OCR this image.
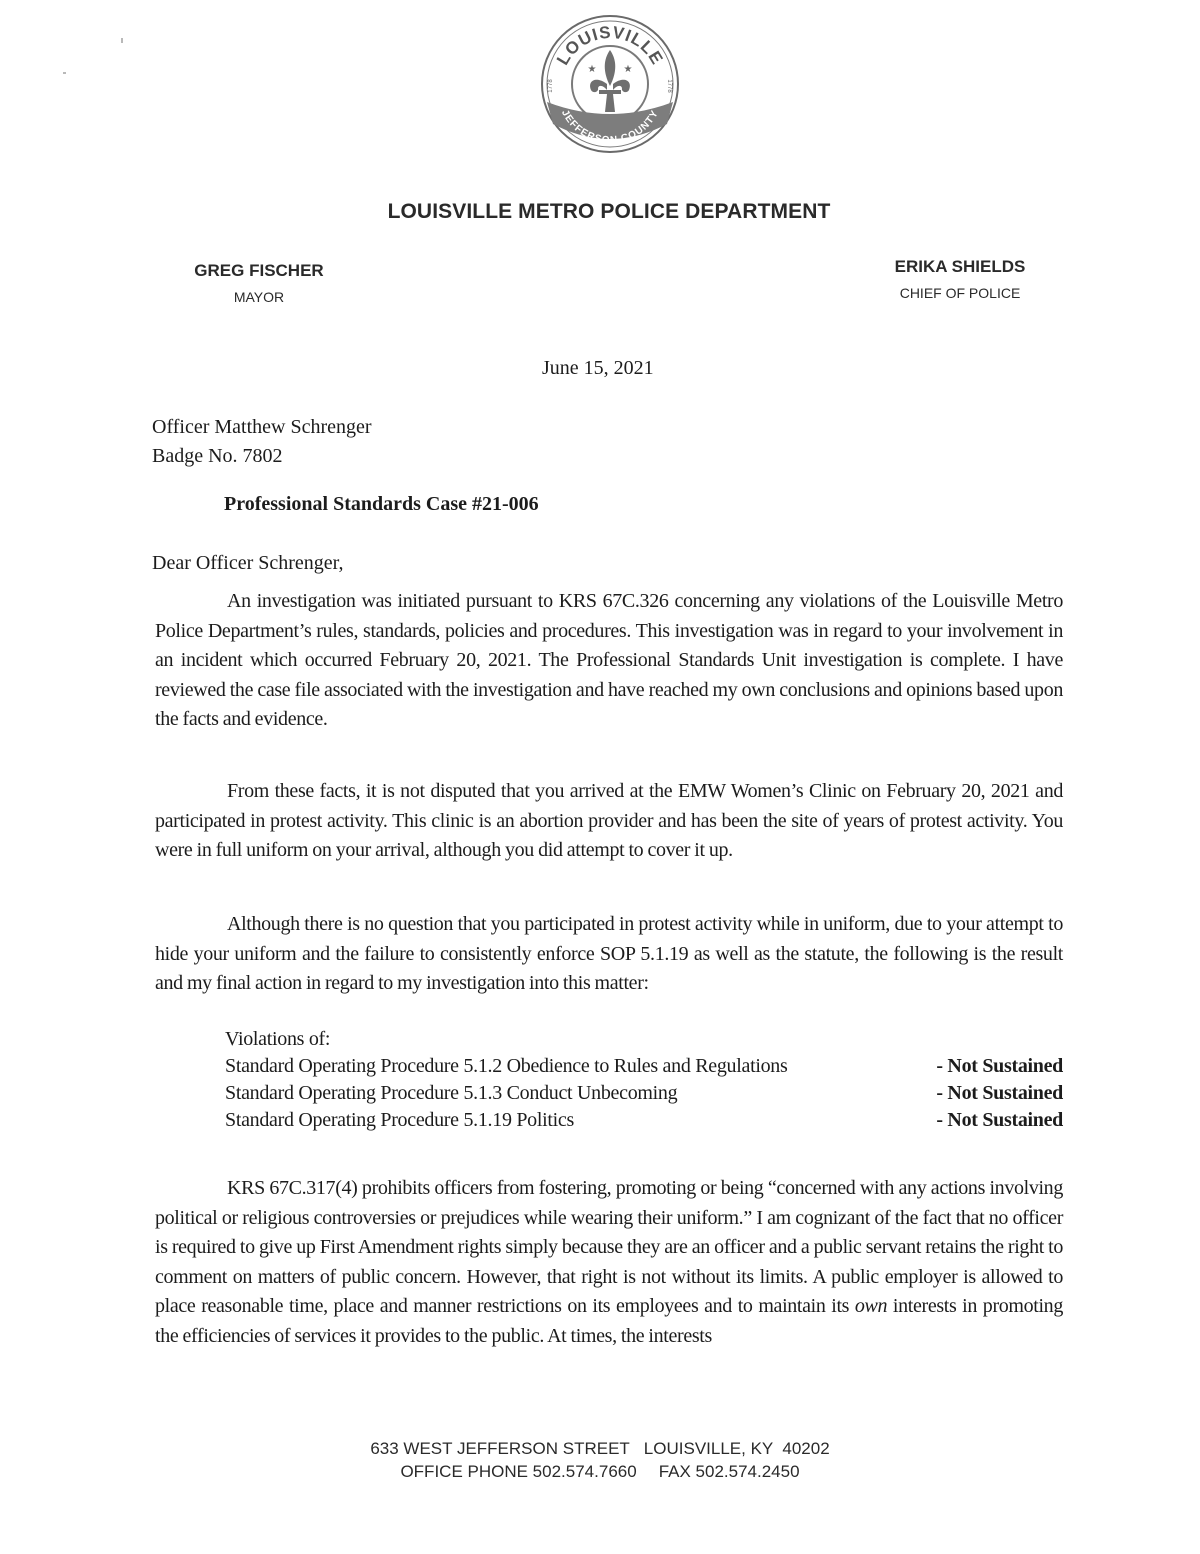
LOUISVILLE
JEFFERSON COUNTY
1778	1778
★	★
LOUISVILLE METRO POLICE DEPARTMENT
GREG FISCHER
MAYOR
ERIKA SHIELDS
CHIEF OF POLICE
June 15, 2021
Officer Matthew Schrenger
Badge No. 7802
Professional Standards Case #21-006
Dear Officer Schrenger,

An investigation was initiated pursuant to KRS 67C.326 concerning any violations of the Louisville Metro Police Department’s rules, standards, policies and procedures. This investigation was in regard to your involvement in an incident which occurred February 20, 2021. The Professional Standards Unit investigation is complete. I have reviewed the case file associated with the investigation and have reached my own conclusions and opinions based upon the facts and evidence.

From these facts, it is not disputed that you arrived at the EMW Women’s Clinic on February 20, 2021 and participated in protest activity. This clinic is an abortion provider and has been the site of years of protest activity. You were in full uniform on your arrival, although you did attempt to cover it up.

Although there is no question that you participated in protest activity while in uniform, due to your attempt to hide your uniform and the failure to consistently enforce SOP 5.1.19 as well as the statute, the following is the result and my final action in regard to my investigation into this matter:

Violations of:
Standard Operating Procedure 5.1.2 Obedience to Rules and Regulations	- Not Sustained
Standard Operating Procedure 5.1.3 Conduct Unbecoming	- Not Sustained
Standard Operating Procedure 5.1.19 Politics	- Not Sustained

KRS 67C.317(4) prohibits officers from fostering, promoting or being “concerned with any actions involving political or religious controversies or prejudices while wearing their uniform.” I am cognizant of the fact that no officer is required to give up First Amendment rights simply because they are an officer and a public servant retains the right to comment on matters of public concern. However, that right is not without its limits. A public employer is allowed to place reasonable time, place and manner restrictions on its employees and to maintain its own interests in promoting the efficiencies of services it provides to the public. At times, the interests

633 WEST JEFFERSON STREET LOUISVILLE, KY  40202
OFFICE PHONE 502.574.7660 FAX 502.574.2450
